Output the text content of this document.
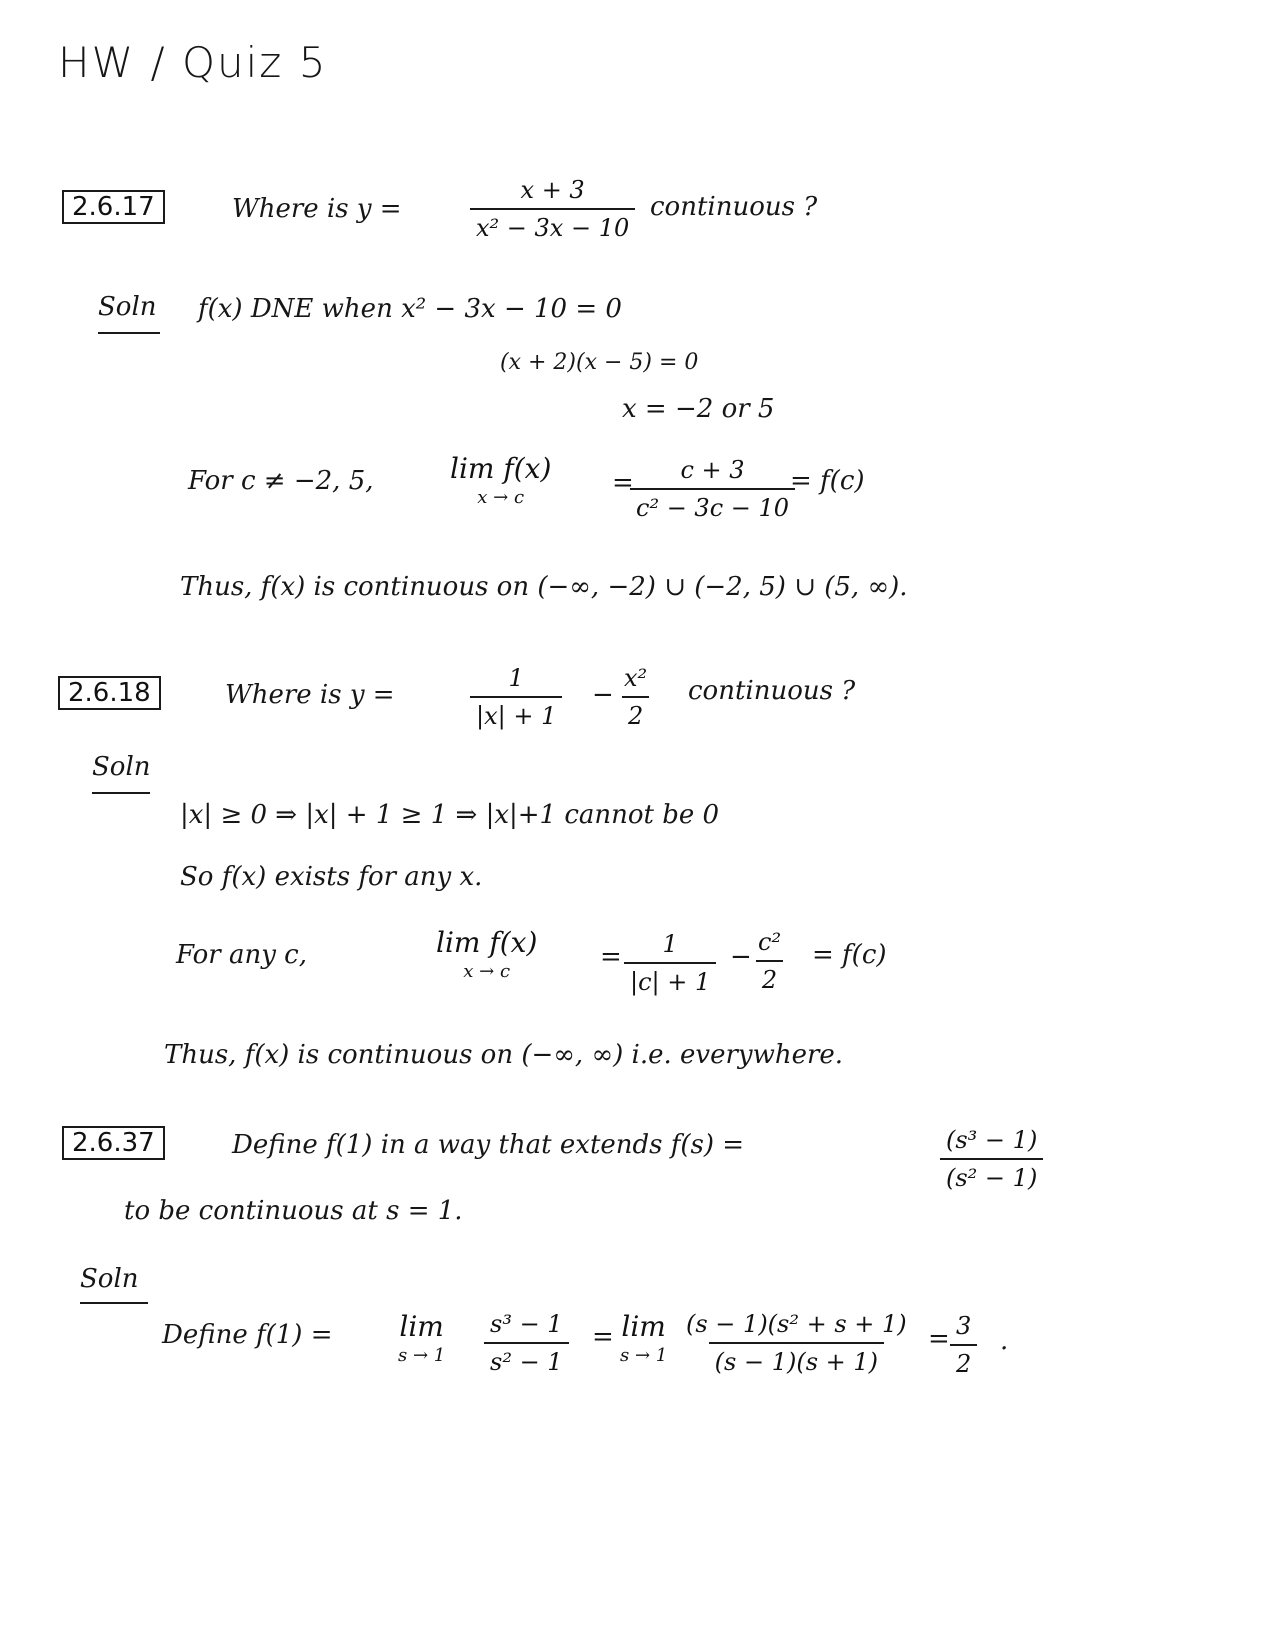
HW / Quiz 5
2.6.17	Where is y =	$\frac{x + 3}{\text{x² − 3x − 10}}$ continuous ?
Soln f(x) DNE when x² − 3x − 10 = 0
(x + 2)(x − 5) = 0
x = −2 or 5
For c ≠ −2, 5,	lim f(x)
x → c	=
$\frac{c + 3}{\text{c² − 3c − 10}}$
= f(c)
Thus, f(x) is continuous on (−∞, −2) ∪ (−2, 5) ∪ (5, ∞).
2.6.18	Where is y =	$\frac{1}{|x| + 1} - \frac{\text{x²}}{2}$ continuous ?
Soln
|x| ≥ 0 ⇒ |x| + 1 ≥ 1 ⇒ |x|+1 cannot be 0
So f(x) exists for any x.
For any c,	lim f(x)
x → c	= $\frac{1}{|c| + 1} - \frac{\text{c²}}{2} = f(c)$
Thus, f(x) is continuous on (−∞, ∞) i.e. everywhere.
2.6.37	Define f(1) in a way that extends f(s) =	$\frac{\text{(s³ − 1)}}{\text{(s² − 1)}}$
to be continuous at s = 1.
Soln
Define f(1) = lim
$s \to 1 \frac{\text{s³ − 1}}{\text{s² − 1}} = \lim$
$s \to 1 \frac{\text{(s − 1)(s² + s + 1)}}{(s - 1)(s + 1)} = \frac{3}{2}$ .
